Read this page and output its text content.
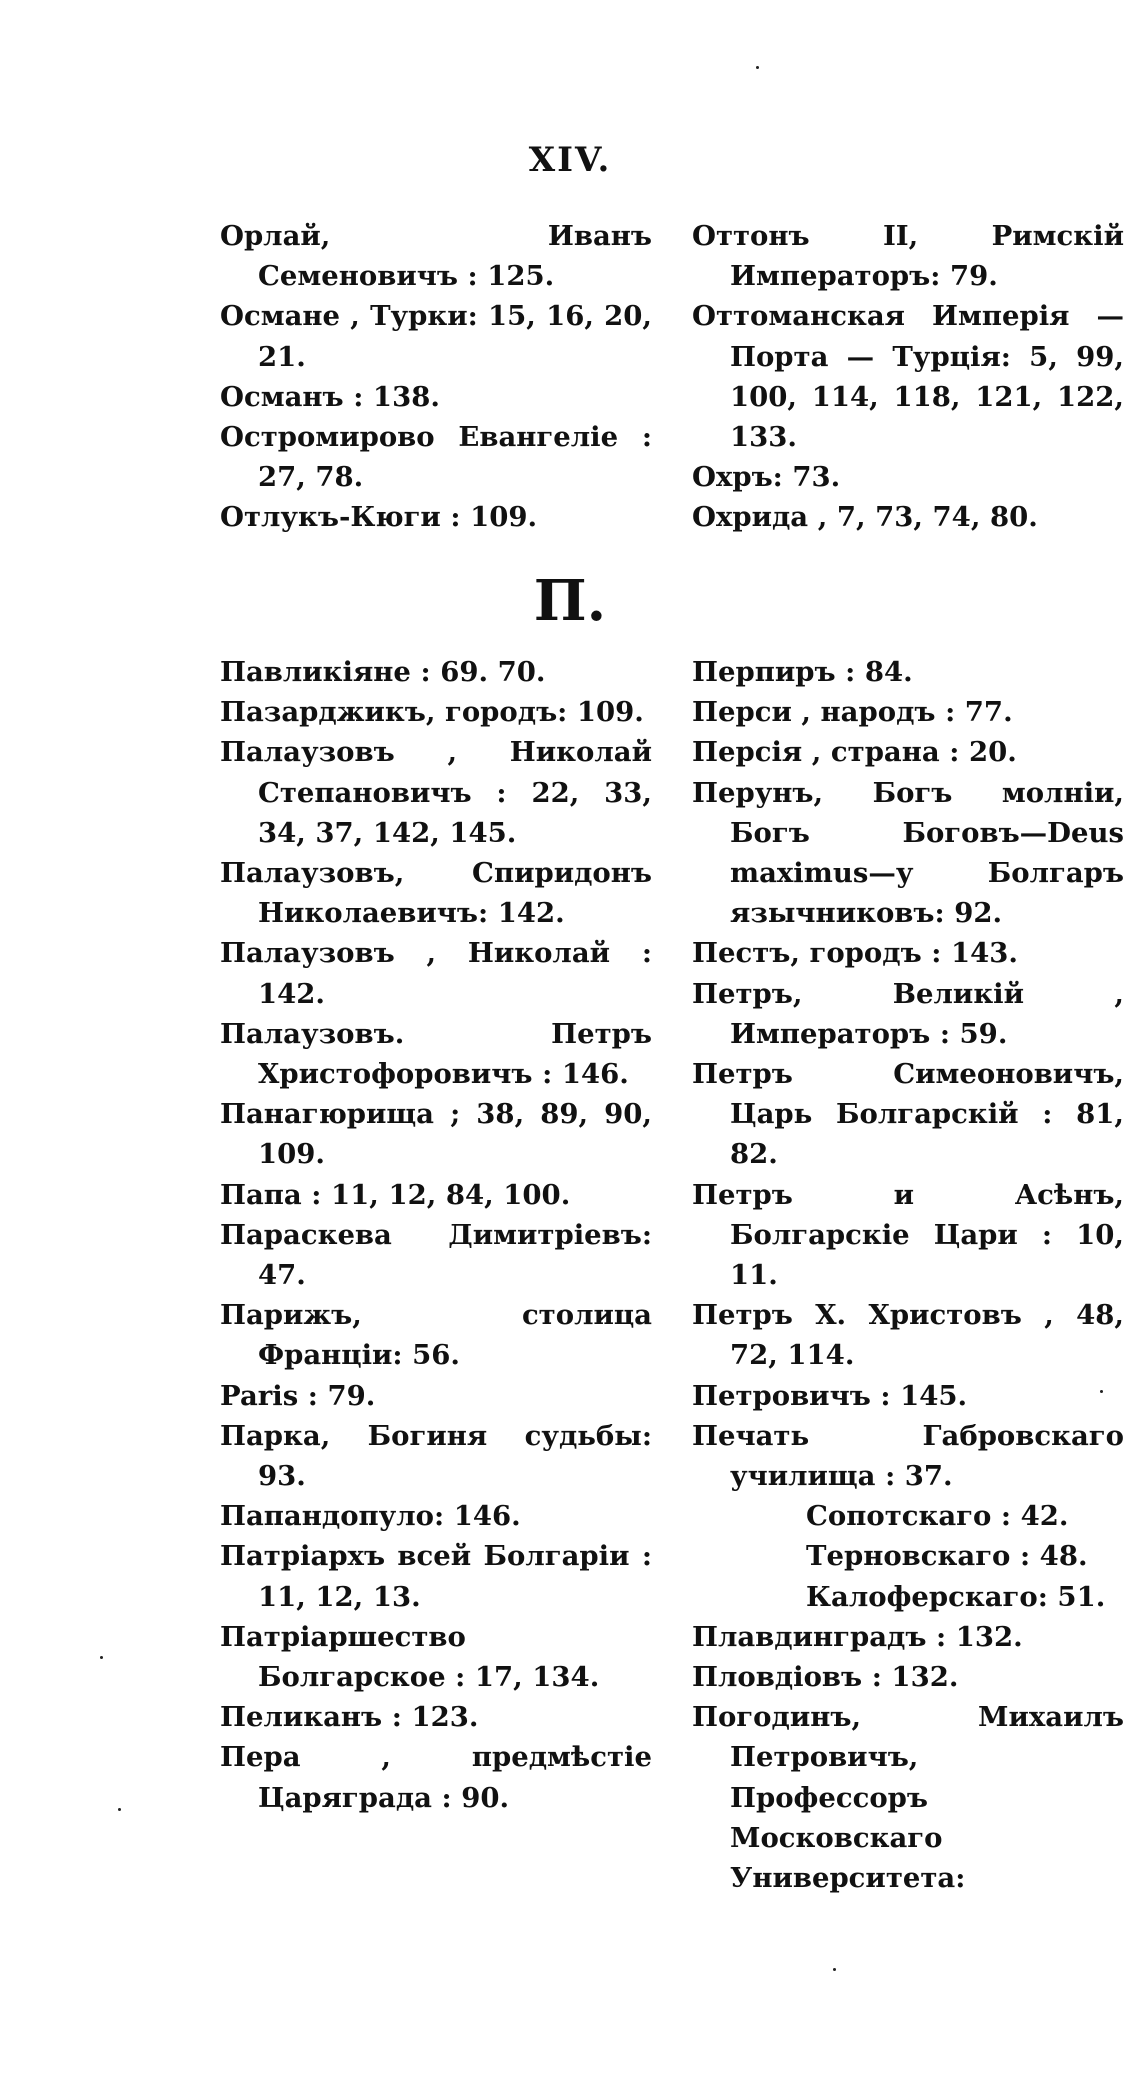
XIV.
Орлай, Иванъ Семеновичъ : 125.
Османе , Турки: 15, 16, 20, 21.
Османъ : 138.
Остромирово Евангеліе : 27, 78.
Отлукъ-Кюги : 109.
Оттонъ II, Римскій Императоръ: 79.
Оттоманская Имперія — Порта — Турція: 5, 99, 100, 114, 118, 121, 122, 133.
Охръ: 73.
Охрида , 7, 73, 74, 80.
П.
Павликіяне : 69. 70.
Пазарджикъ, городъ: 109.
Палаузовъ , Николай Степановичъ : 22, 33, 34, 37, 142, 145.
Палаузовъ, Спиридонъ Николаевичъ: 142.
Палаузовъ , Николай : 142.
Палаузовъ. Петръ Христофоровичъ : 146.
Панагюрища ; 38, 89, 90, 109.
Папа : 11, 12, 84, 100.
Параскева Димитріевъ: 47.
Парижъ, столица Франціи: 56.
Paris : 79.
Парка, Богиня судьбы: 93.
Папандопуло: 146.
Патріархъ всей Болгаріи : 11, 12, 13.
Патріаршество Болгарское : 17, 134.
Пеликанъ : 123.
Пера , предмѣстіе Царяграда : 90.
Перпиръ : 84.
Перси , народъ : 77.
Персія , страна : 20.
Перунъ, Богъ молніи, Богъ Боговъ—Deus maximus—у Болгаръ язычниковъ: 92.
Пестъ, городъ : 143.
Петръ, Великій , Императоръ : 59.
Петръ Симеоновичъ, Царь Болгарскій : 81, 82.
Петръ и Асѣнъ, Болгарскіе Цари : 10, 11.
Петръ Х. Христовъ , 48, 72, 114.
Петровичъ : 145.
Печать Габровскаго училища : 37.
Сопотскаго : 42.
Терновскаго : 48.
Калоферскаго: 51.
Плавдинградъ : 132.
Пловдіовъ : 132.
Погодинъ, Михаилъ Петровичъ, Профессоръ Московскаго Университета:
